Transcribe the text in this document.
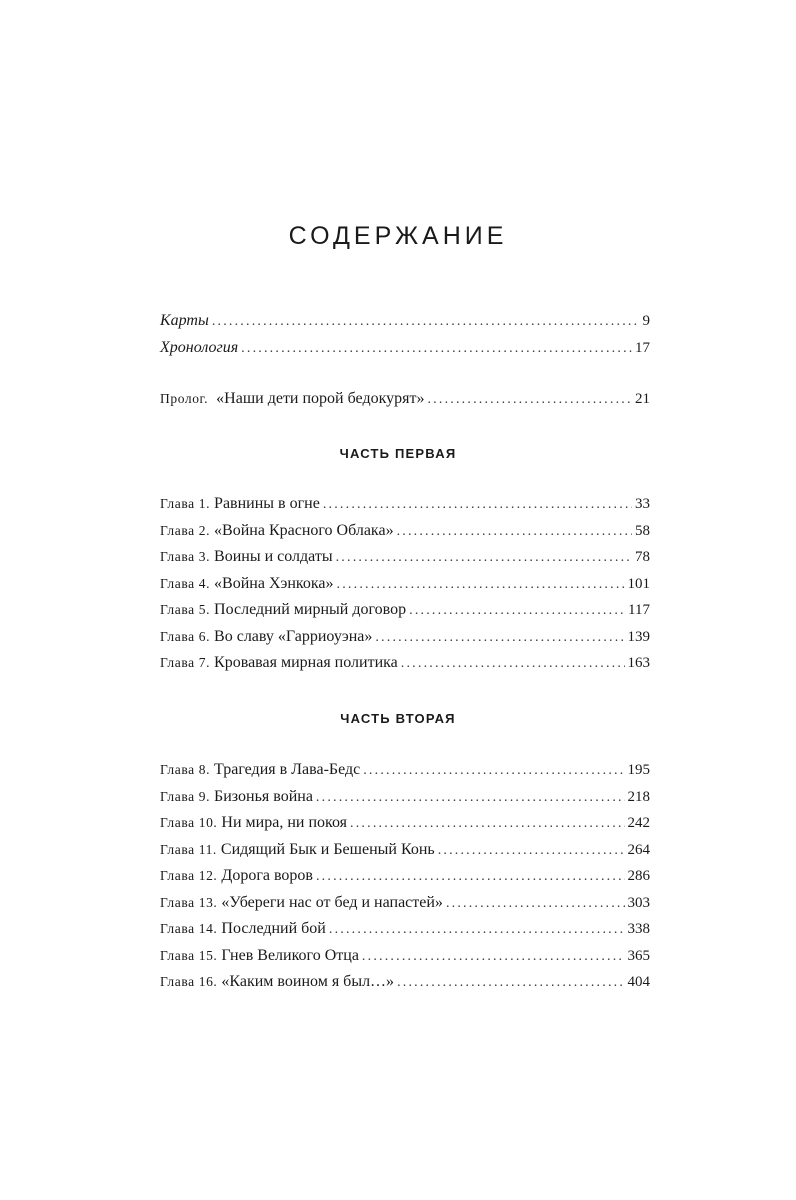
СОДЕРЖАНИЕ
Карты .....	9
Хронология .....	17
Пролог. «Наши дети порой бедокурят» .....	21
ЧАСТЬ ПЕРВАЯ
Глава 1. Равнины в огне .....	33
Глава 2. «Война Красного Облака» .....	58
Глава 3. Воины и солдаты .....	78
Глава 4. «Война Хэнкока» .....	101
Глава 5. Последний мирный договор .....	117
Глава 6. Во славу «Гарриоуэна» .....	139
Глава 7. Кровавая мирная политика .....	163
ЧАСТЬ ВТОРАЯ
Глава 8. Трагедия в Лава-Бедс .....	195
Глава 9. Бизонья война .....	218
Глава 10. Ни мира, ни покоя .....	242
Глава 11. Сидящий Бык и Бешеный Конь .....	264
Глава 12. Дорога воров .....	286
Глава 13. «Убереги нас от бед и напастей» .....	303
Глава 14. Последний бой .....	338
Глава 15. Гнев Великого Отца .....	365
Глава 16. «Каким воином я был…» .....	404
